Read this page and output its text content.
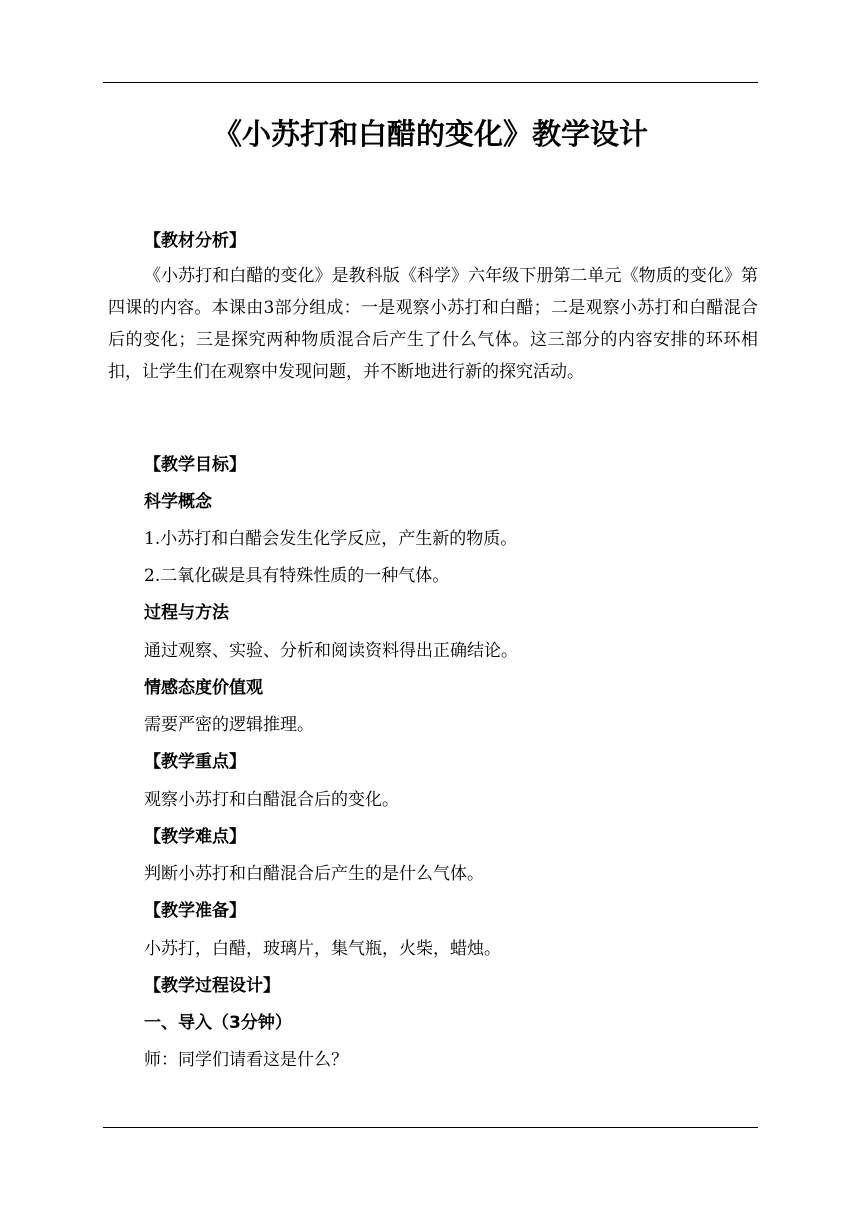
《小苏打和白醋的变化》教学设计
【教材分析】
《小苏打和白醋的变化》是教科版《科学》六年级下册第二单元《物质的变化》第四课的内容。本课由3部分组成：一是观察小苏打和白醋；二是观察小苏打和白醋混合后的变化；三是探究两种物质混合后产生了什么气体。这三部分的内容安排的环环相扣，让学生们在观察中发现问题，并不断地进行新的探究活动。
【教学目标】
科学概念
1.小苏打和白醋会发生化学反应，产生新的物质。
2.二氧化碳是具有特殊性质的一种气体。
过程与方法
通过观察、实验、分析和阅读资料得出正确结论。
情感态度价值观
需要严密的逻辑推理。
【教学重点】
观察小苏打和白醋混合后的变化。
【教学难点】
判断小苏打和白醋混合后产生的是什么气体。
【教学准备】
小苏打，白醋，玻璃片，集气瓶，火柴，蜡烛。
【教学过程设计】
一、导入（3分钟）
师：同学们请看这是什么？
